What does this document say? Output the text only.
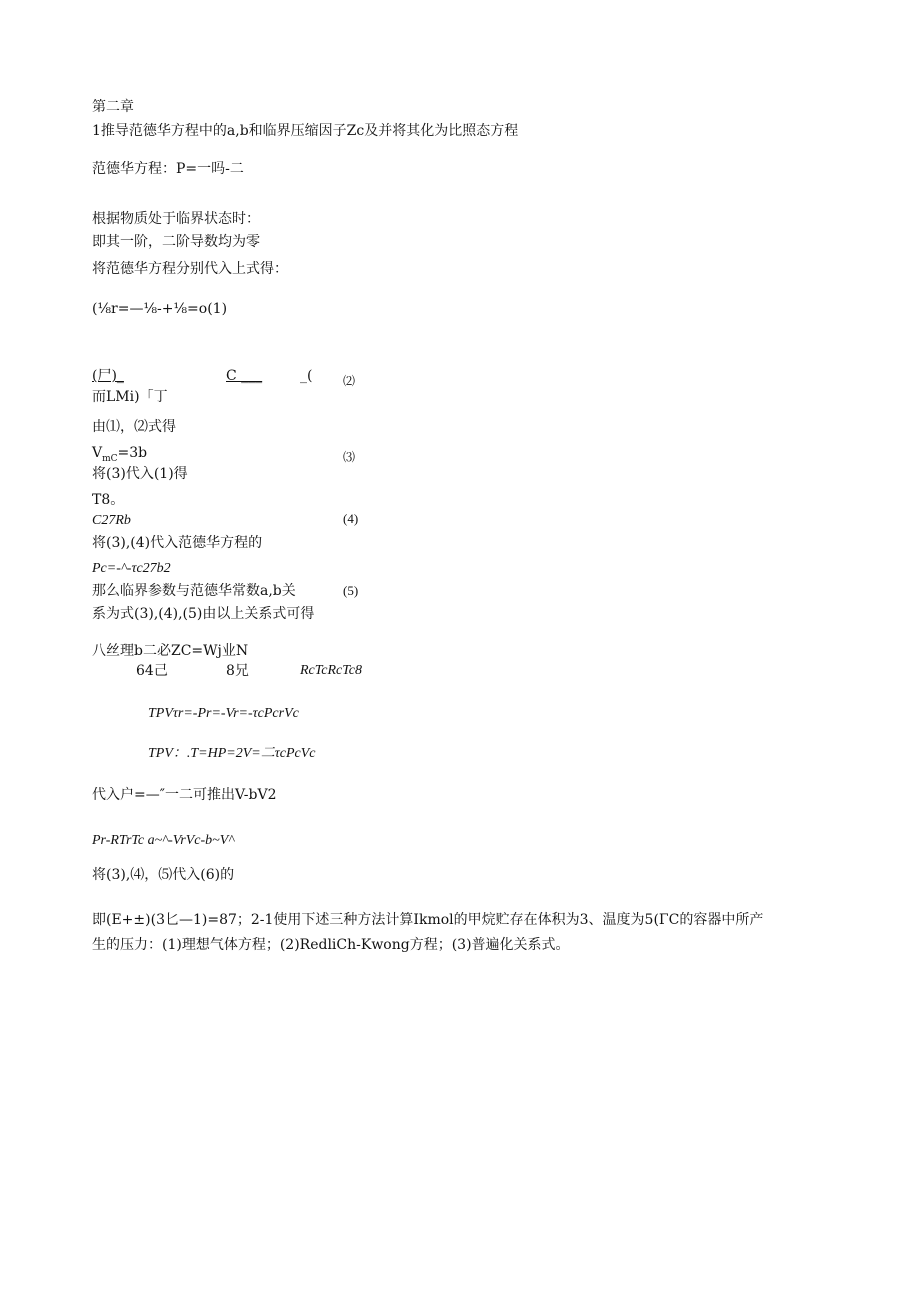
第二章
1推导范德华方程中的a,b和临界压缩因子Zc及并将其化为比照态方程
范德华方程：P=一吗-二
根据物质处于临界状态时：
即其一阶，二阶导数均为零
将范德华方程分别代入上式得：
(⅛r=—⅛-+⅛=o(1)
(尸)_	C ___	_(	⑵
而LMi)「丁
由⑴，⑵式得
$V_{mC}=3b$	⑶
将(3)代入(1)得
T8。
C27Rb	(4)
将(3),(4)代入范德华方程的
Pc=-^-τc27b2
那么临界参数与范德华常数a,b关	(5)
系为式(3),(4),(5)由以上关系式可得
八丝理b二必ZC=Wj业N
64己	8兄	RcTcRcTc8
TPVτr=-Pr=-Vr=-τcPcrVc
TPV：.T=HP=2V=二τcPcVc
代入户=—″一二可推出V-bV2
Pr-RTrTc a~^-VrVc-b~V^
将(3),⑷，⑸代入(6)的
即(E+±)(3匕—1)=87；2-1使用下述三种方法计算Ikmol的甲烷贮存在体积为3、温度为5(ΓC的容器中所产
生的压力：(1)理想气体方程；(2)RedliCh-Kwong方程；(3)普遍化关系式。
